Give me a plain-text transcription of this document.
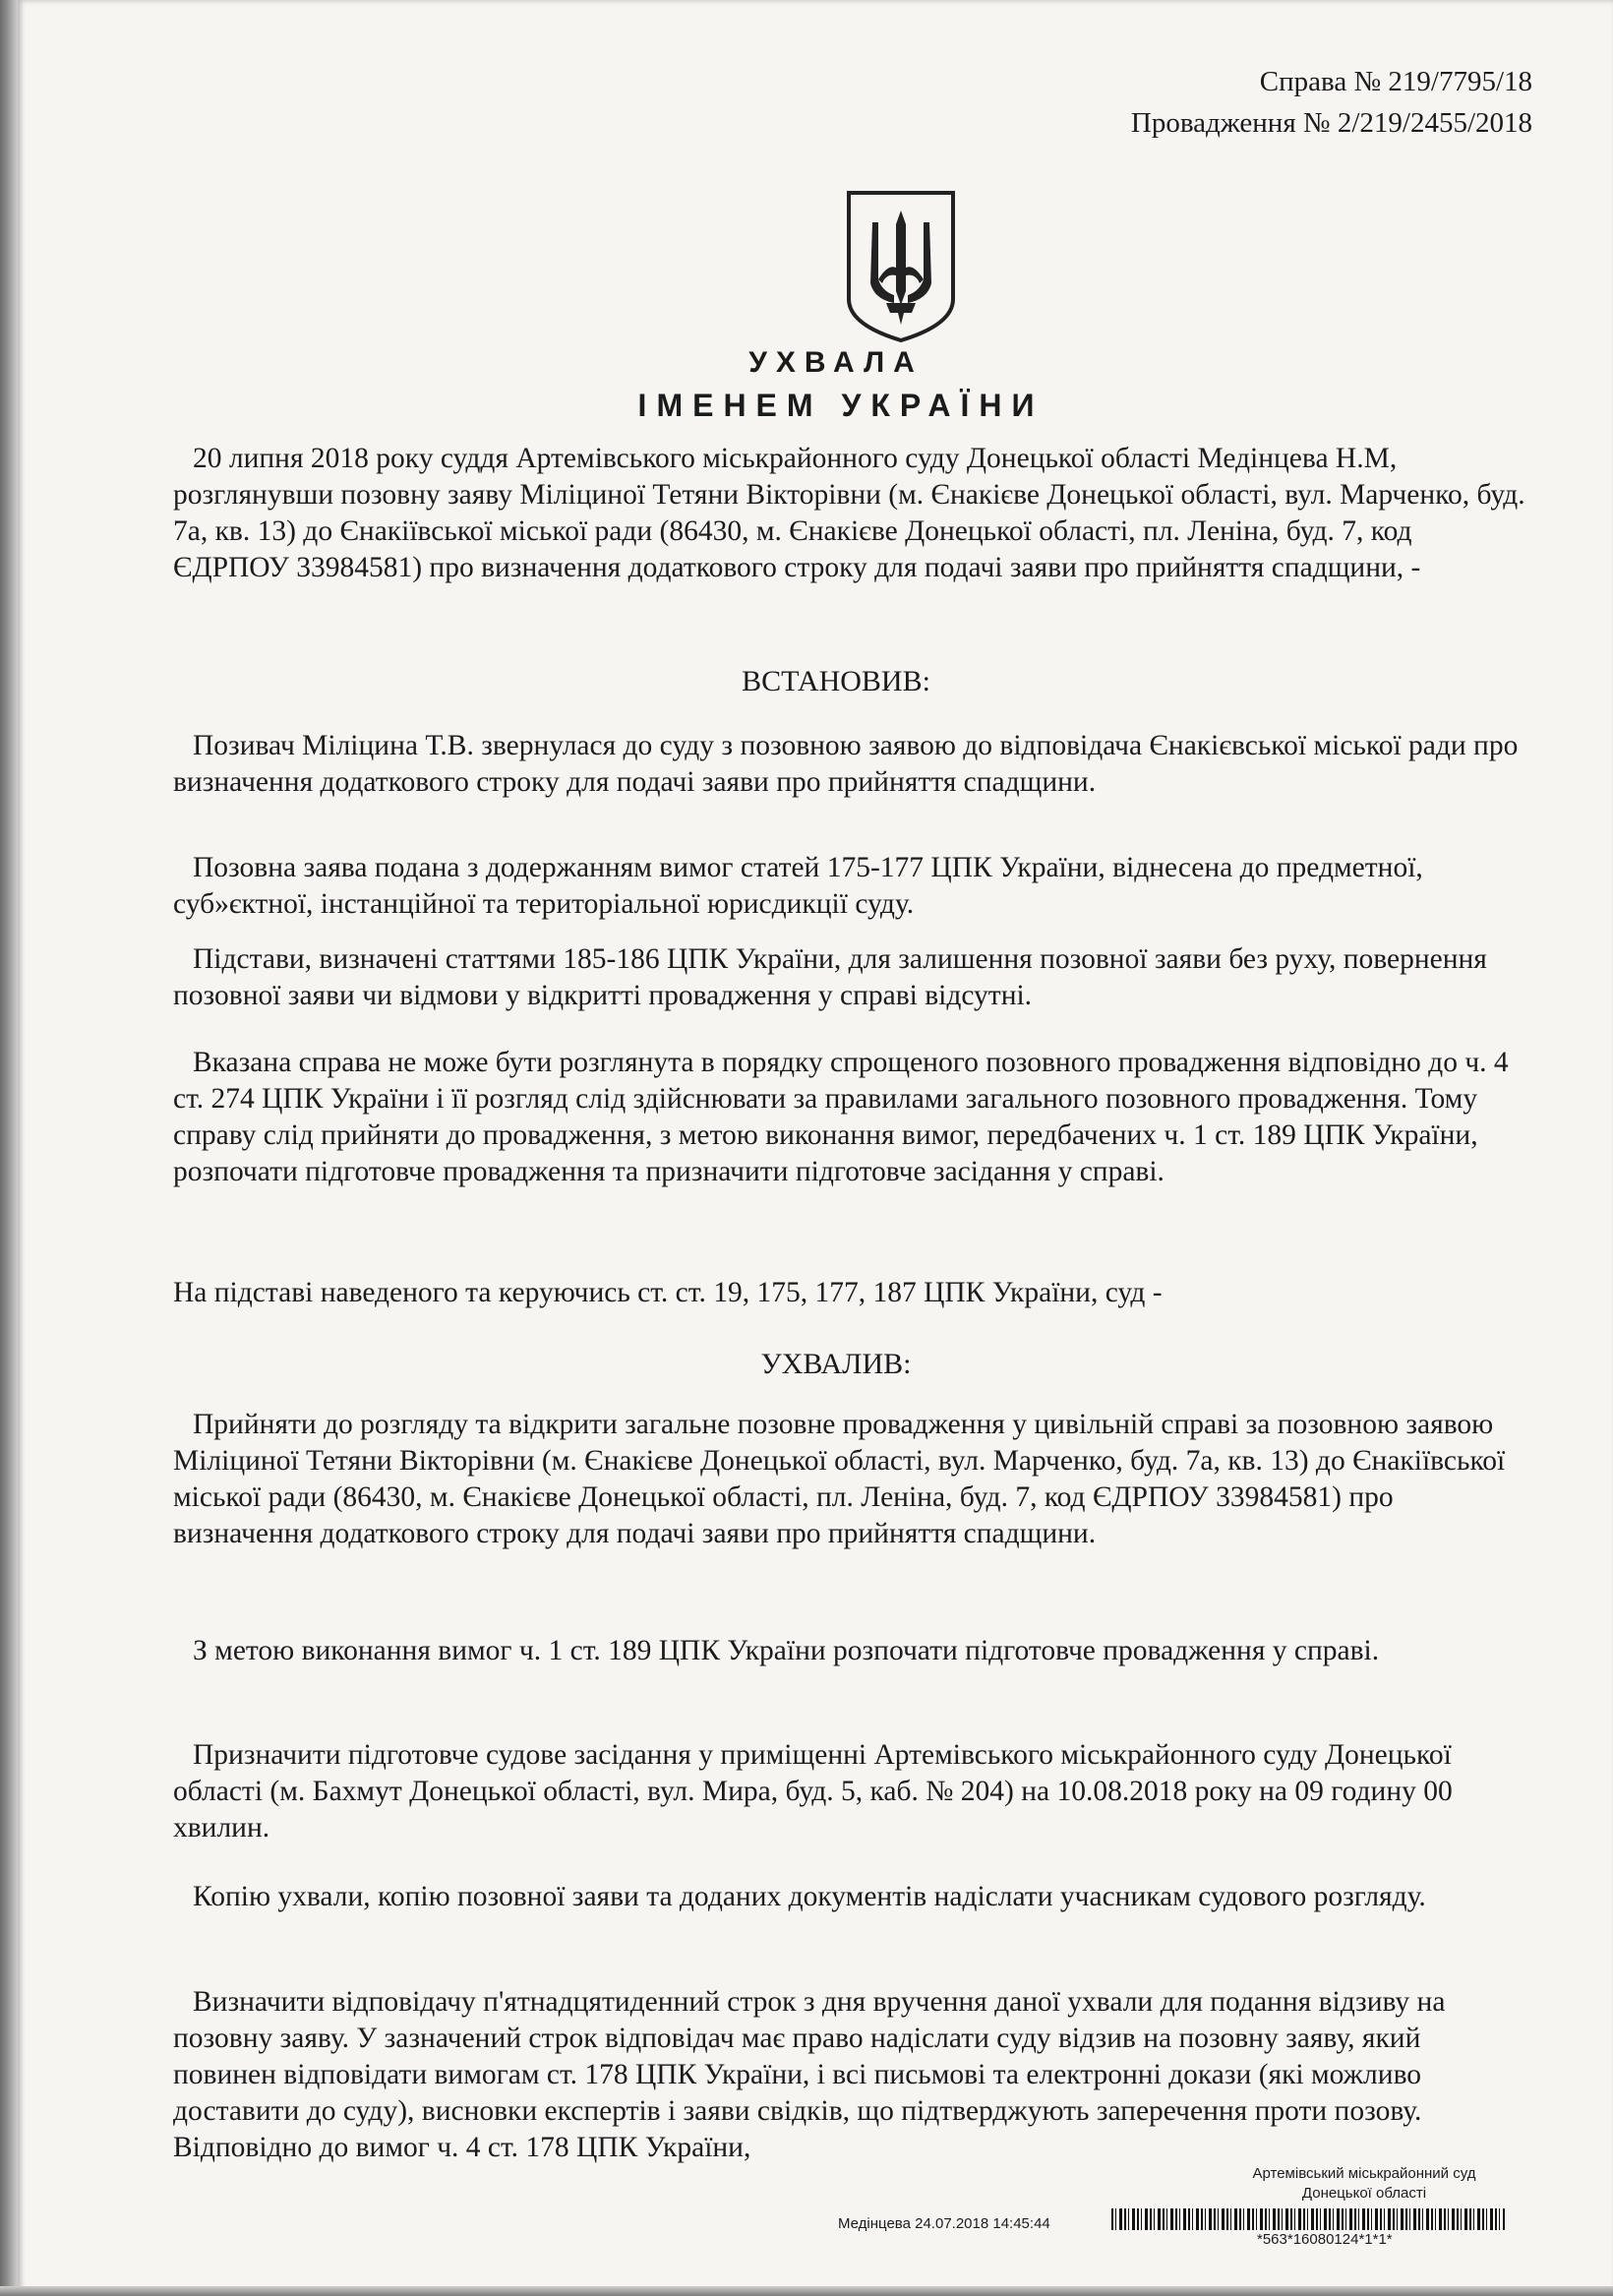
Справа № 219/7795/18
Провадження № 2/219/2455/2018
УХВАЛА
ІМЕНЕМ УКРАЇНИ

20 липня 2018 року суддя Артемівського міськрайонного суду Донецької області Медінцева Н.М, розглянувши позовну заяву Міліциної Тетяни Вікторівни (м. Єнакієве Донецької області, вул. Марченко, буд. 7а, кв. 13) до Єнакіївської міської ради (86430, м. Єнакієве Донецької області, пл. Леніна, буд. 7, код ЄДРПОУ 33984581) про визначення додаткового строку для подачі заяви про прийняття спадщини, -

ВСТАНОВИВ:

Позивач Міліцина Т.В. звернулася до суду з позовною заявою до відповідача Єнакієвської міської ради про визначення додаткового строку для подачі заяви про прийняття спадщини.

Позовна заява подана з додержанням вимог статей 175-177 ЦПК України, віднесена до предметної, суб»єктної, інстанційної та територіальної юрисдикції суду.

Підстави, визначені статтями 185-186 ЦПК України, для залишення позовної заяви без руху, повернення позовної заяви чи відмови у відкритті провадження у справі відсутні.

Вказана справа не може бути розглянута в порядку спрощеного позовного провадження відповідно до ч. 4 ст. 274 ЦПК України і її розгляд слід здійснювати за правилами загального позовного провадження. Тому справу слід прийняти до провадження, з метою виконання вимог, передбачених ч. 1 ст. 189 ЦПК України, розпочати підготовче провадження та призначити підготовче засідання у справі.

На підставі наведеного та керуючись ст. ст. 19, 175, 177, 187 ЦПК України, суд -

УХВАЛИВ:

Прийняти до розгляду та відкрити загальне позовне провадження у цивільній справі за позовною заявою Міліциної Тетяни Вікторівни (м. Єнакієве Донецької області, вул. Марченко, буд. 7а, кв. 13) до Єнакіївської міської ради (86430, м. Єнакієве Донецької області, пл. Леніна, буд. 7, код ЄДРПОУ 33984581) про визначення додаткового строку для подачі заяви про прийняття спадщини.

З метою виконання вимог ч. 1 ст. 189 ЦПК України розпочати підготовче провадження у справі.

Призначити підготовче судове засідання у приміщенні Артемівського міськрайонного суду Донецької області (м. Бахмут Донецької області, вул. Мира, буд. 5, каб. № 204) на 10.08.2018 року на 09 годину 00 хвилин.

Копію ухвали, копію позовної заяви та доданих документів надіслати учасникам судового розгляду.

Визначити відповідачу п'ятнадцятиденний строк з дня вручення даної ухвали для подання відзиву на позовну заяву. У зазначений строк відповідач має право надіслати суду відзив на позовну заяву, який повинен відповідати вимогам ст. 178 ЦПК України, і всі письмові та електронні докази (які можливо доставити до суду), висновки експертів і заяви свідків, що підтверджують заперечення проти позову. Відповідно до вимог ч. 4 ст. 178 ЦПК України,

Артемівський міськрайонний суд
Донецької області
Медінцева 24.07.2018 14:45:44
*563*16080124*1*1*
